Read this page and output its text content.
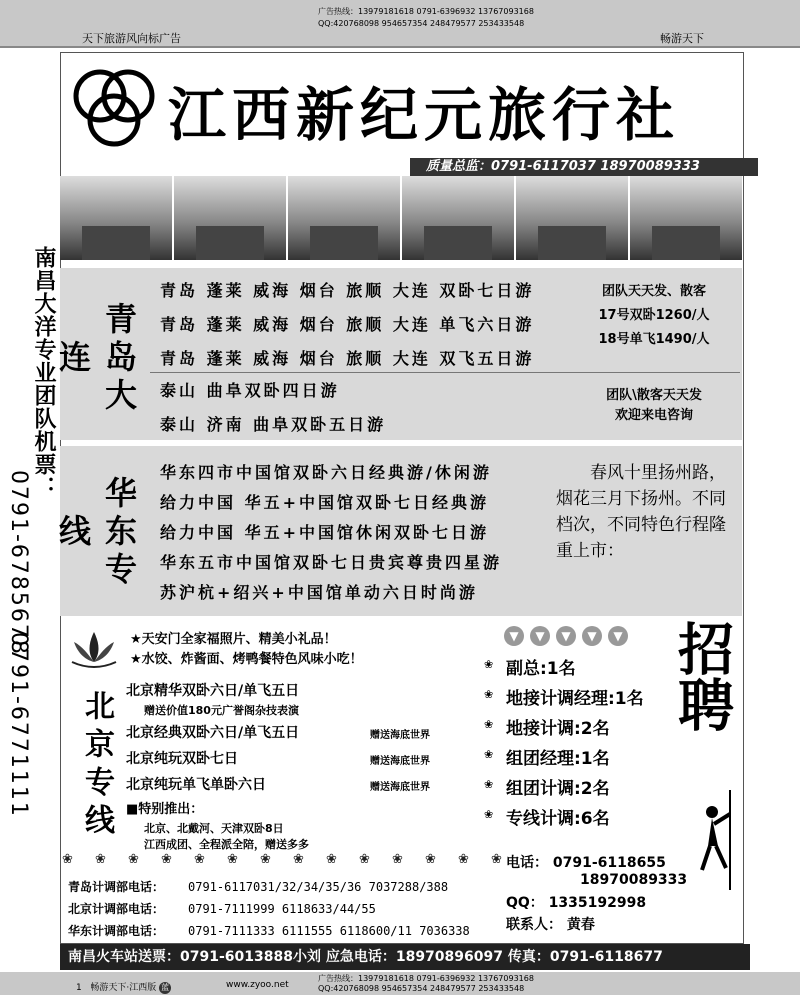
天下旅游风向标广告
广告热线：13979181618 0791-6396932 13767093168
QQ:420768098 954657354 248479577 253433548
畅游天下
江西新纪元旅行社
质量总监：0791-6117037 18970089333
南昌大洋专业团队机票：
0791-6785678
0791-6771111
青岛大连
青岛 蓬莱 威海 烟台 旅顺 大连 双卧七日游
青岛 蓬莱 威海 烟台 旅顺 大连 单飞六日游
青岛 蓬莱 威海 烟台 旅顺 大连 双飞五日游
泰山 曲阜双卧四日游
泰山 济南 曲阜双卧五日游
团队天天发、散客
17号双卧1260/人
18号单飞1490/人
团队\散客天天发
欢迎来电咨询
华东专线
华东四市中国馆双卧六日经典游/休闲游
给力中国 华五+中国馆双卧七日经典游
给力中国 华五+中国馆休闲双卧七日游
华东五市中国馆双卧七日贵宾尊贵四星游
苏沪杭+绍兴+中国馆单动六日时尚游
春风十里扬州路，烟花三月下扬州。不同档次，不同特色行程隆重上市：
★天安门全家福照片、精美小礼品！
★水饺、炸酱面、烤鸭餐特色风味小吃！
北京专线 北京精华双卧六日/单飞五日
赠送价值180元广誉阁杂技表演
北京经典双卧六日/单飞五日	赠送海底世界
北京纯玩双卧七日	赠送海底世界
北京纯玩单飞单卧六日	赠送海底世界
■特别推出：
北京、北戴河、天津双卧8日
江西成团、全程派全陪，赠送多多
❀ ❀ ❀ ❀ ❀ ❀ ❀ ❀ ❀ ❀ ❀ ❀ ❀ ❀
青岛计调部电话： 0791-6117031/32/34/35/36 7037288/388
北京计调部电话： 0791-7111999 6118633/44/55
华东计调部电话： 0791-7111333 6111555 6118600/11 7036338
▼	▼	▼	▼	▼ 招聘
❀ 副总:1名
❀ 地接计调经理:1名
❀ 地接计调:2名
❀ 组团经理:1名
❀ 组团计调:2名
❀ 专线计调:6名
电话： 0791-6118655
18970089333
QQ： 1335192998
联系人： 黄春
南昌火车站送票：0791-6013888小刘 应急电话：18970896097 传真：0791-6118677
1 畅游天下·江西版 蓝	www.zyoo.net
广告热线：13979181618 0791-6396932 13767093168
QQ:420768098 954657354 248479577 253433548
